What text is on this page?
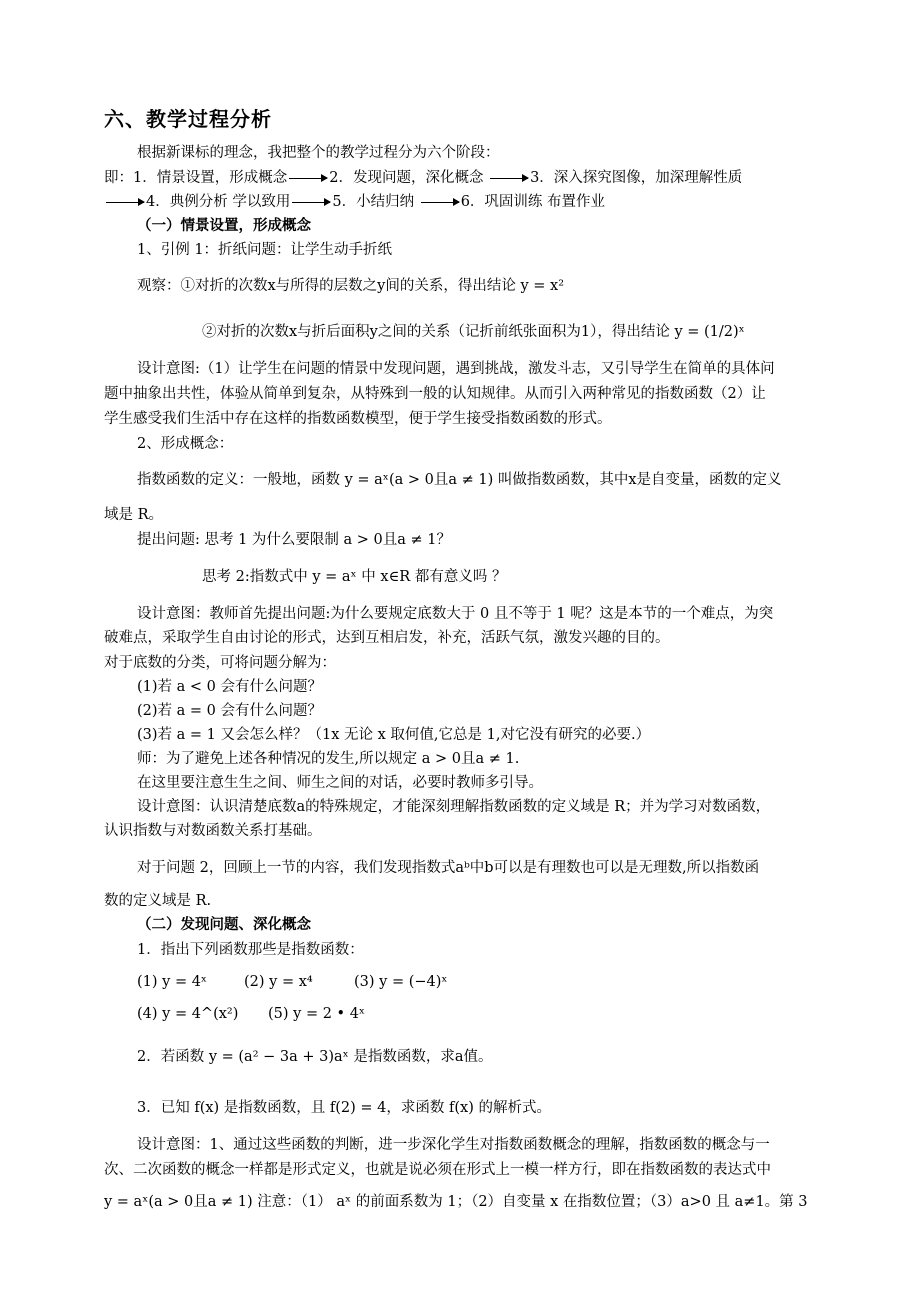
六、教学过程分析
根据新课标的理念，我把整个的教学过程分为六个阶段：
即：1．情景设置，形成概念	2．发现问题，深化概念	3．深入探究图像，加深理解性质
4．典例分析 学以致用	5．小结归纳	6．巩固训练 布置作业
（一）情景设置，形成概念
1、引例 1：折纸问题：让学生动手折纸
观察：①对折的次数x与所得的层数之y间的关系，得出结论 y = x²
②对折的次数x与折后面积y之间的关系（记折前纸张面积为1），得出结论 y = (1/2)ˣ
设计意图:（1）让学生在问题的情景中发现问题，遇到挑战，激发斗志，又引导学生在简单的具体问
题中抽象出共性，体验从简单到复杂，从特殊到一般的认知规律。从而引入两种常见的指数函数（2）让
学生感受我们生活中存在这样的指数函数模型，便于学生接受指数函数的形式。
2、形成概念：
指数函数的定义：一般地，函数 y = aˣ(a > 0且a ≠ 1) 叫做指数函数，其中x是自变量，函数的定义
域是 R。
提出问题: 思考 1 为什么要限制 a > 0且a ≠ 1？
思考 2:指数式中 y = aˣ 中 x∈R 都有意义吗 ？
设计意图：教师首先提出问题:为什么要规定底数大于 0 且不等于 1 呢？这是本节的一个难点，为突
破难点，采取学生自由讨论的形式，达到互相启发，补充，活跃气氛，激发兴趣的目的。
对于底数的分类，可将问题分解为：
(1)若 a < 0 会有什么问题？
(2)若 a = 0 会有什么问题？
(3)若 a = 1 又会怎么样？（1x 无论 x 取何值,它总是 1,对它没有研究的必要.）
师：为了避免上述各种情况的发生,所以规定 a > 0且a ≠ 1.
在这里要注意生生之间、师生之间的对话，必要时教师多引导。
设计意图：认识清楚底数a的特殊规定，才能深刻理解指数函数的定义域是 R；并为学习对数函数，
认识指数与对数函数关系打基础。
对于问题 2，回顾上一节的内容，我们发现指数式aᵇ中b可以是有理数也可以是无理数,所以指数函
数的定义域是 R.
（二）发现问题、深化概念
1．指出下列函数那些是指数函数：
(1) y = 4ˣ	(2) y = x⁴	(3) y = (−4)ˣ
(4) y = 4^(x²) (5) y = 2 • 4ˣ
2．若函数 y = (a² − 3a + 3)aˣ 是指数函数，求a值。
3．已知 f(x) 是指数函数，且 f(2) = 4，求函数 f(x) 的解析式。
设计意图：1、通过这些函数的判断，进一步深化学生对指数函数概念的理解，指数函数的概念与一
次、二次函数的概念一样都是形式定义，也就是说必须在形式上一模一样方行，即在指数函数的表达式中
y = aˣ(a > 0且a ≠ 1) 注意：（1） aˣ 的前面系数为 1；（2）自变量 x 在指数位置；（3）a>0 且 a≠1。第 3
